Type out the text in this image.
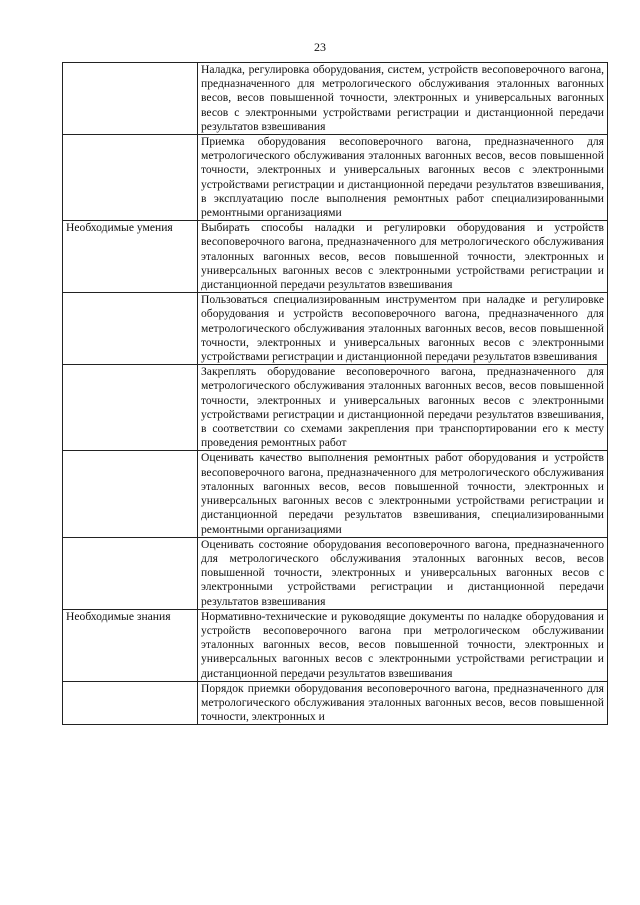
23
	Наладка, регулировка оборудования, систем, устройств весоповерочного вагона, предназначенного для метрологического обслуживания эталонных вагонных весов, весов повышенной точности, электронных и универсальных вагонных весов с электронными устройствами регистрации и дистанционной передачи результатов взвешивания
	Приемка оборудования весоповерочного вагона, предназначенного для метрологического обслуживания эталонных вагонных весов, весов повышенной точности, электронных и универсальных вагонных весов с электронными устройствами регистрации и дистанционной передачи результатов взвешивания, в эксплуатацию после выполнения ремонтных работ специализированными ремонтными организациями
Необходимые умения	Выбирать способы наладки и регулировки оборудования и устройств весоповерочного вагона, предназначенного для метрологического обслуживания эталонных вагонных весов, весов повышенной точности, электронных и универсальных вагонных весов с электронными устройствами регистрации и дистанционной передачи результатов взвешивания
	Пользоваться специализированным инструментом при наладке и регулировке оборудования и устройств весоповерочного вагона, предназначенного для метрологического обслуживания эталонных вагонных весов, весов повышенной точности, электронных и универсальных вагонных весов с электронными устройствами регистрации и дистанционной передачи результатов взвешивания
	Закреплять оборудование весоповерочного вагона, предназначенного для метрологического обслуживания эталонных вагонных весов, весов повышенной точности, электронных и универсальных вагонных весов с электронными устройствами регистрации и дистанционной передачи результатов взвешивания, в соответствии со схемами закрепления при транспортировании его к месту проведения ремонтных работ
	Оценивать качество выполнения ремонтных работ оборудования и устройств весоповерочного вагона, предназначенного для метрологического обслуживания эталонных вагонных весов, весов повышенной точности, электронных и универсальных вагонных весов с электронными устройствами регистрации и дистанционной передачи результатов взвешивания, специализированными ремонтными организациями
	Оценивать состояние оборудования весоповерочного вагона, предназначенного для метрологического обслуживания эталонных вагонных весов, весов повышенной точности, электронных и универсальных вагонных весов с электронными устройствами регистрации и дистанционной передачи результатов взвешивания
Необходимые знания	Нормативно-технические и руководящие документы по наладке оборудования и устройств весоповерочного вагона при метрологическом обслуживании эталонных вагонных весов, весов повышенной точности, электронных и универсальных вагонных весов с электронными устройствами регистрации и дистанционной передачи результатов взвешивания
	Порядок приемки оборудования весоповерочного вагона, предназначенного для метрологического обслуживания эталонных вагонных весов, весов повышенной точности, электронных и
